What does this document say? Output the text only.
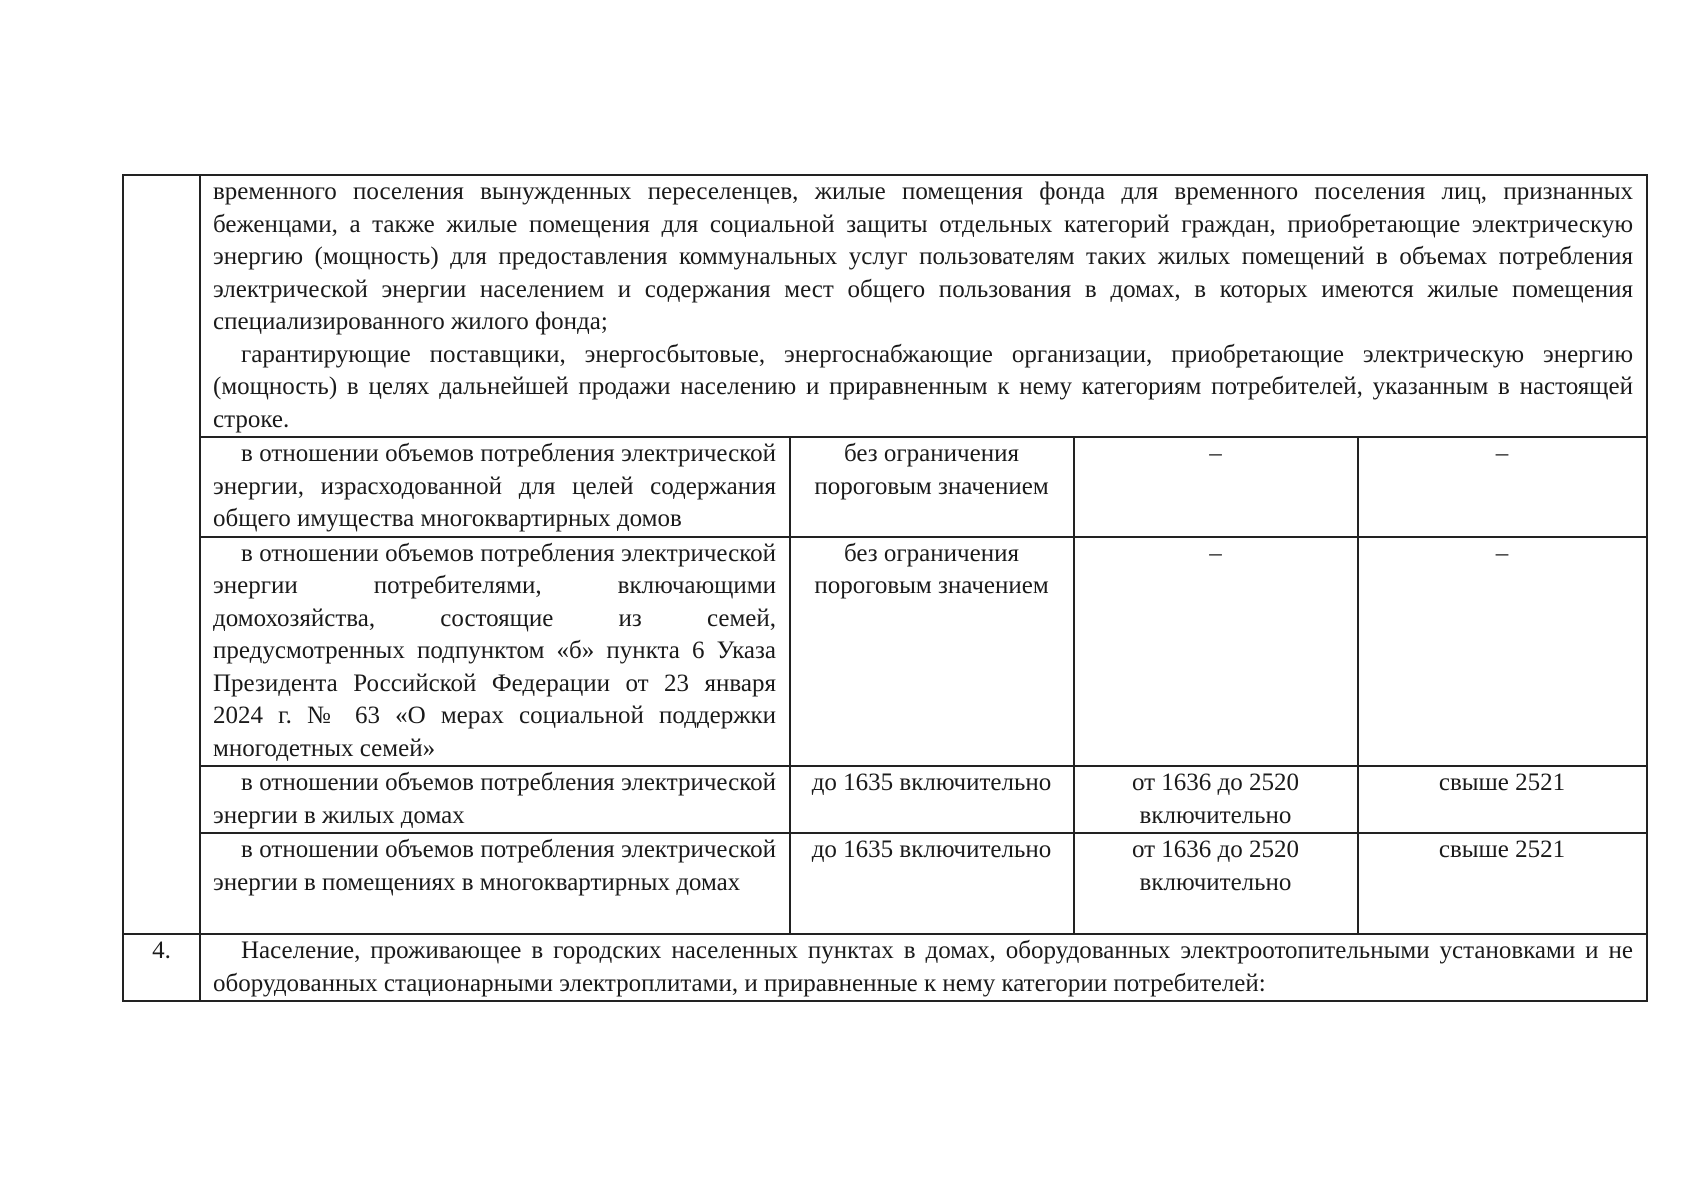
	временного поселения вынужденных переселенцев, жилые помещения фонда для временного поселения лиц, признанных беженцами, а также жилые помещения для социальной защиты отдельных категорий граждан, приобретающие электрическую энергию (мощность) для предоставления коммунальных услуг пользователям таких жилых помещений в объемах потребления электрической энергии населением и содержания мест общего пользования в домах, в которых имеются жилые помещения специализированного жилого фонда;

гарантирующие поставщики, энергосбытовые, энергоснабжающие организации, приобретающие электрическую энергию (мощность) в целях дальнейшей продажи населению и приравненным к нему категориям потребителей, указанным в настоящей строке.			

	в отношении объемов потребления электрической энергии, израсходованной для целей содержания общего имущества многоквартирных домов	без ограничения пороговым значением	–	–
	в отношении объемов потребления электрической энергии потребителями, включающими домохозяйства, состоящие из семей, предусмотренных подпунктом «б» пункта 6 Указа Президента Российской Федерации от 23 января 2024 г. № 63 «О мерах социальной поддержки многодетных семей»	без ограничения пороговым значением	–	–
	в отношении объемов потребления электрической энергии в жилых домах	до 1635 включительно	от 1636 до 2520 включительно	свыше 2521
	в отношении объемов потребления электрической энергии в помещениях в многоквартирных домах	до 1635 включительно	от 1636 до 2520 включительно	свыше 2521
4.	Население, проживающее в городских населенных пунктах в домах, оборудованных электроотопительными установками и не оборудованных стационарными электроплитами, и приравненные к нему категории потребителей:			
